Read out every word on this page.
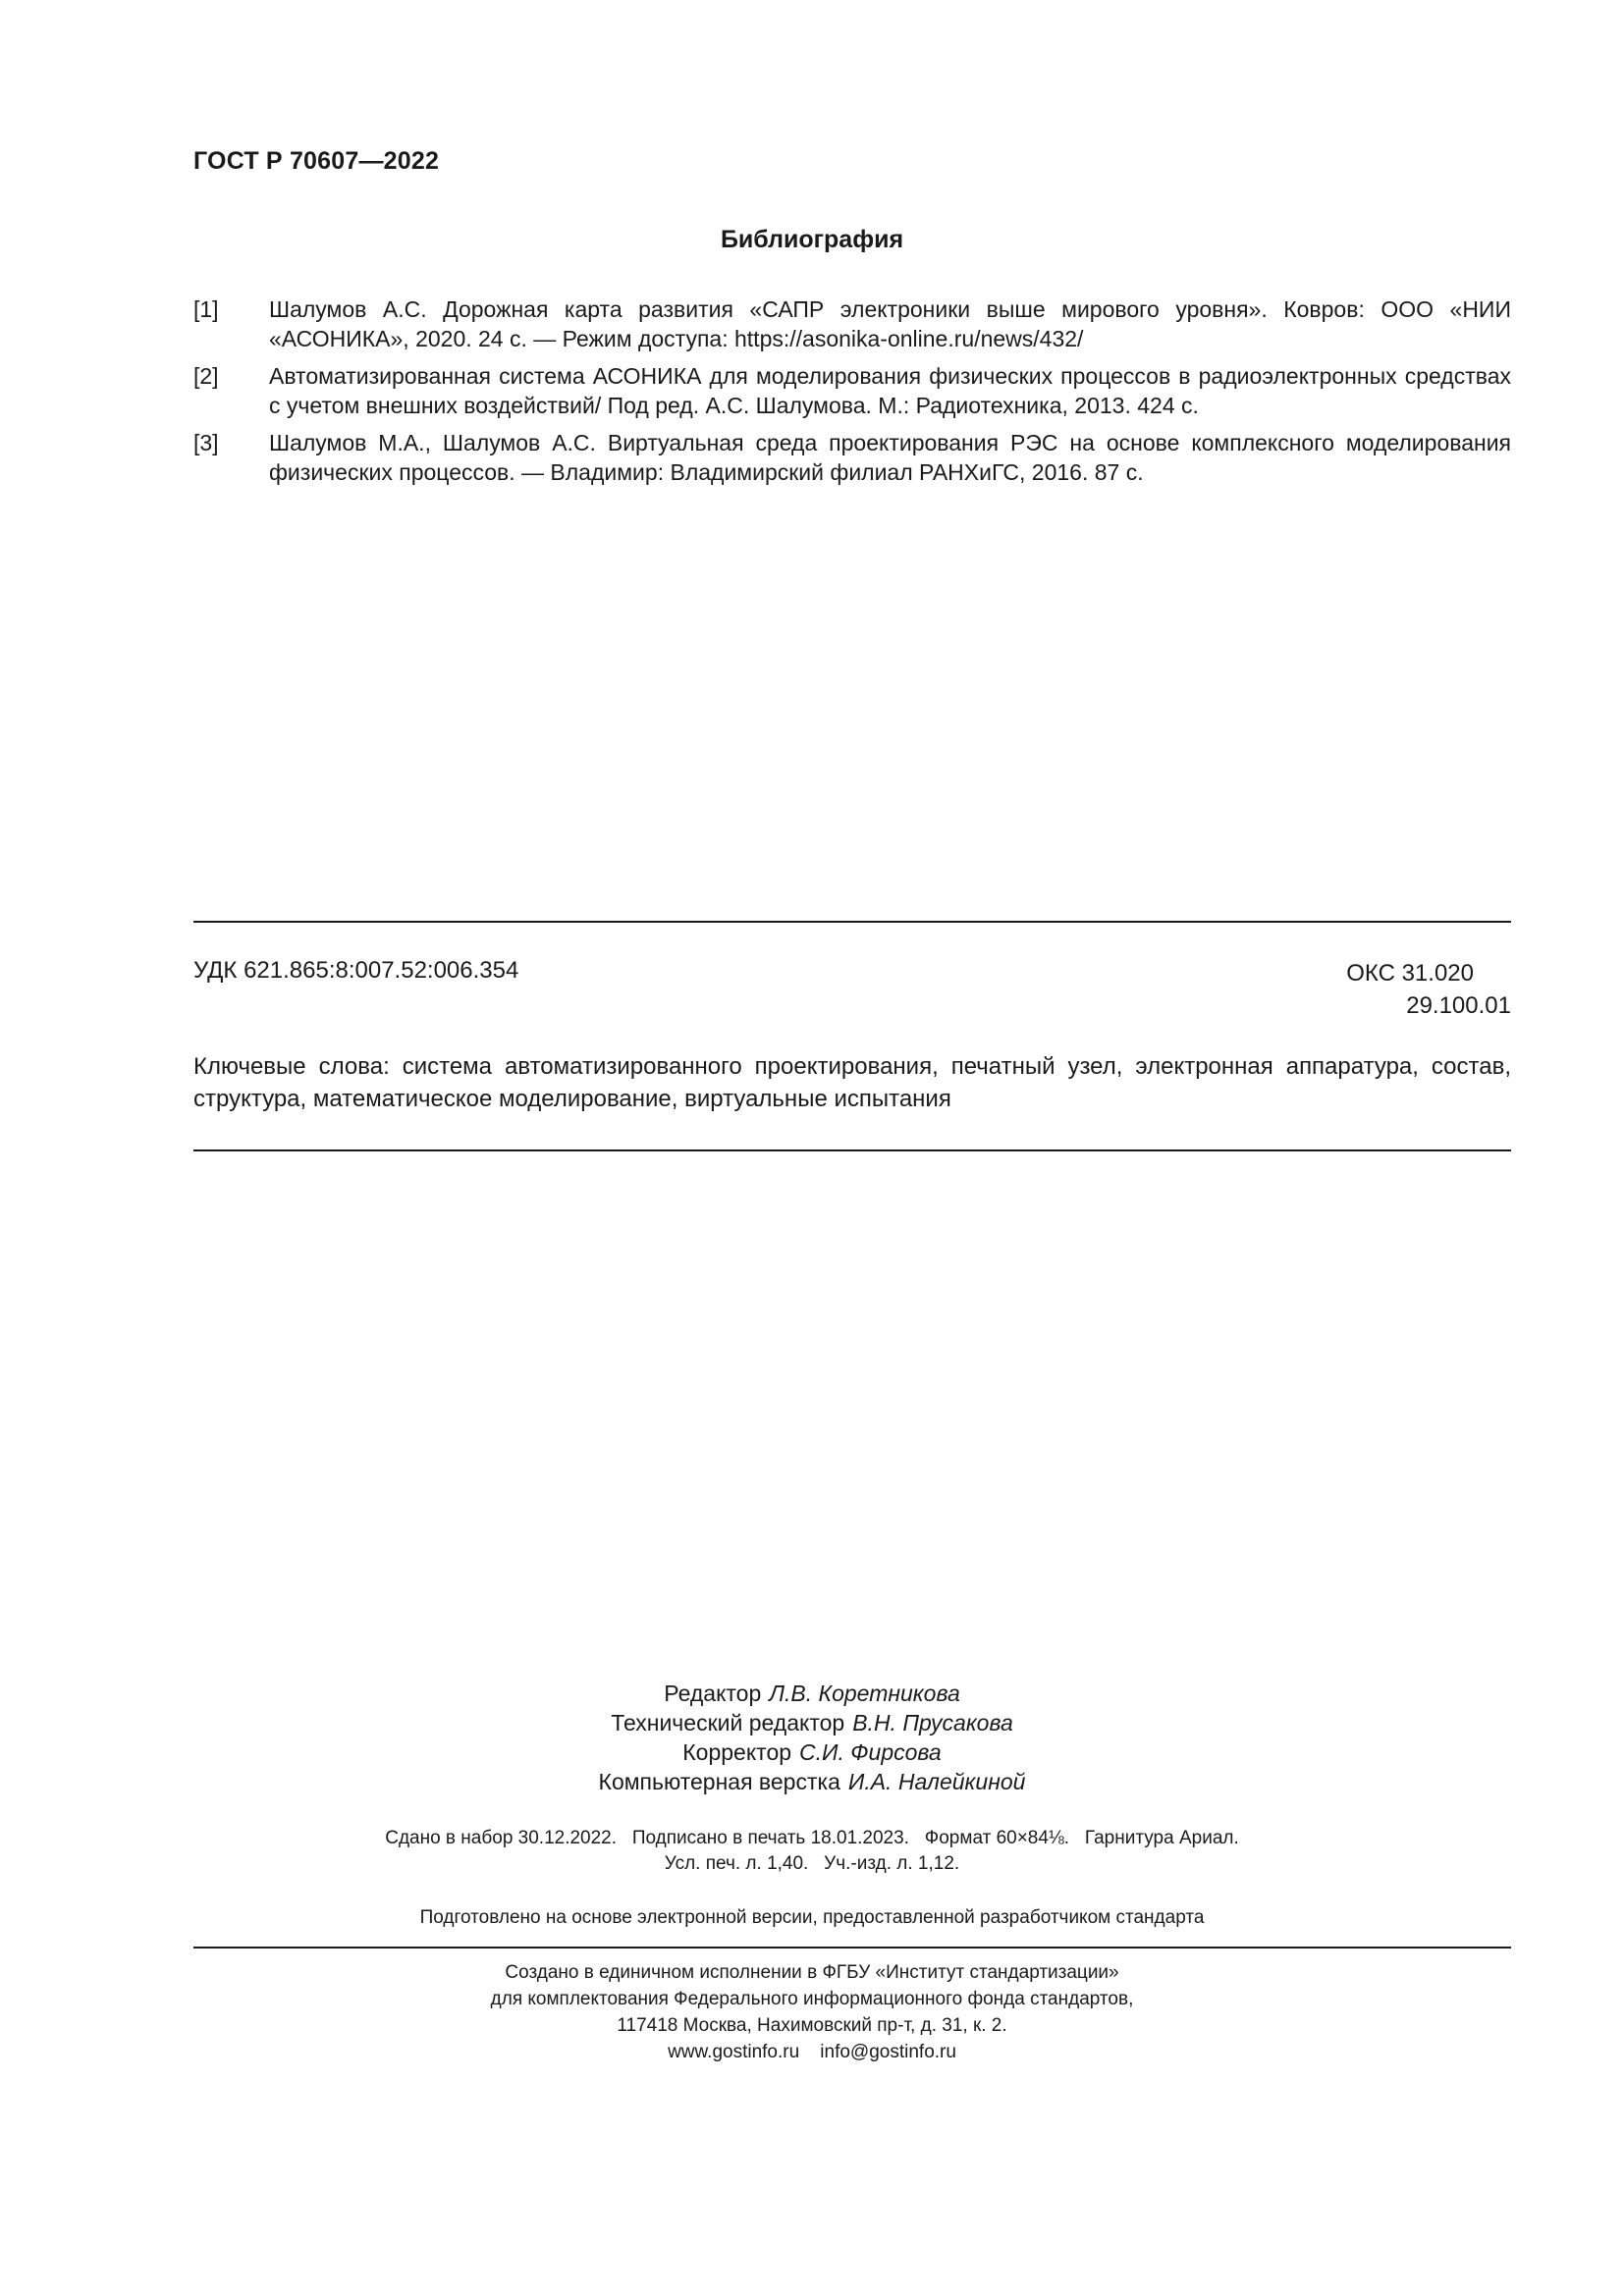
ГОСТ Р 70607—2022
Библиография
[1]	Шалумов А.С. Дорожная карта развития «САПР электроники выше мирового уровня». Ковров: ООО «НИИ «АСОНИКА», 2020. 24 с. — Режим доступа: https://asonika-online.ru/news/432/
[2]	Автоматизированная система АСОНИКА для моделирования физических процессов в радиоэлектронных средствах с учетом внешних воздействий/ Под ред. А.С. Шалумова. М.: Радиотехника, 2013. 424 с.
[3]	Шалумов М.А., Шалумов А.С. Виртуальная среда проектирования РЭС на основе комплексного моделирования физических процессов. — Владимир: Владимирский филиал РАНХиГС, 2016. 87 с.
УДК 621.865:8:007.52:006.354	ОКС 31.020
29.100.01
Ключевые слова: система автоматизированного проектирования, печатный узел, электронная аппаратура, состав, структура, математическое моделирование, виртуальные испытания
Редактор Л.В. Коретникова
Технический редактор В.Н. Прусакова
Корректор С.И. Фирсова
Компьютерная верстка И.А. Налейкиной
Сдано в набор 30.12.2022.   Подписано в печать 18.01.2023.   Формат 60×84⅛.   Гарнитура Ариал.
Усл. печ. л. 1,40.   Уч.-изд. л. 1,12.
Подготовлено на основе электронной версии, предоставленной разработчиком стандарта
Создано в единичном исполнении в ФГБУ «Институт стандартизации»
для комплектования Федерального информационного фонда стандартов,
117418 Москва, Нахимовский пр-т, д. 31, к. 2.
www.gostinfo.ru    info@gostinfo.ru
